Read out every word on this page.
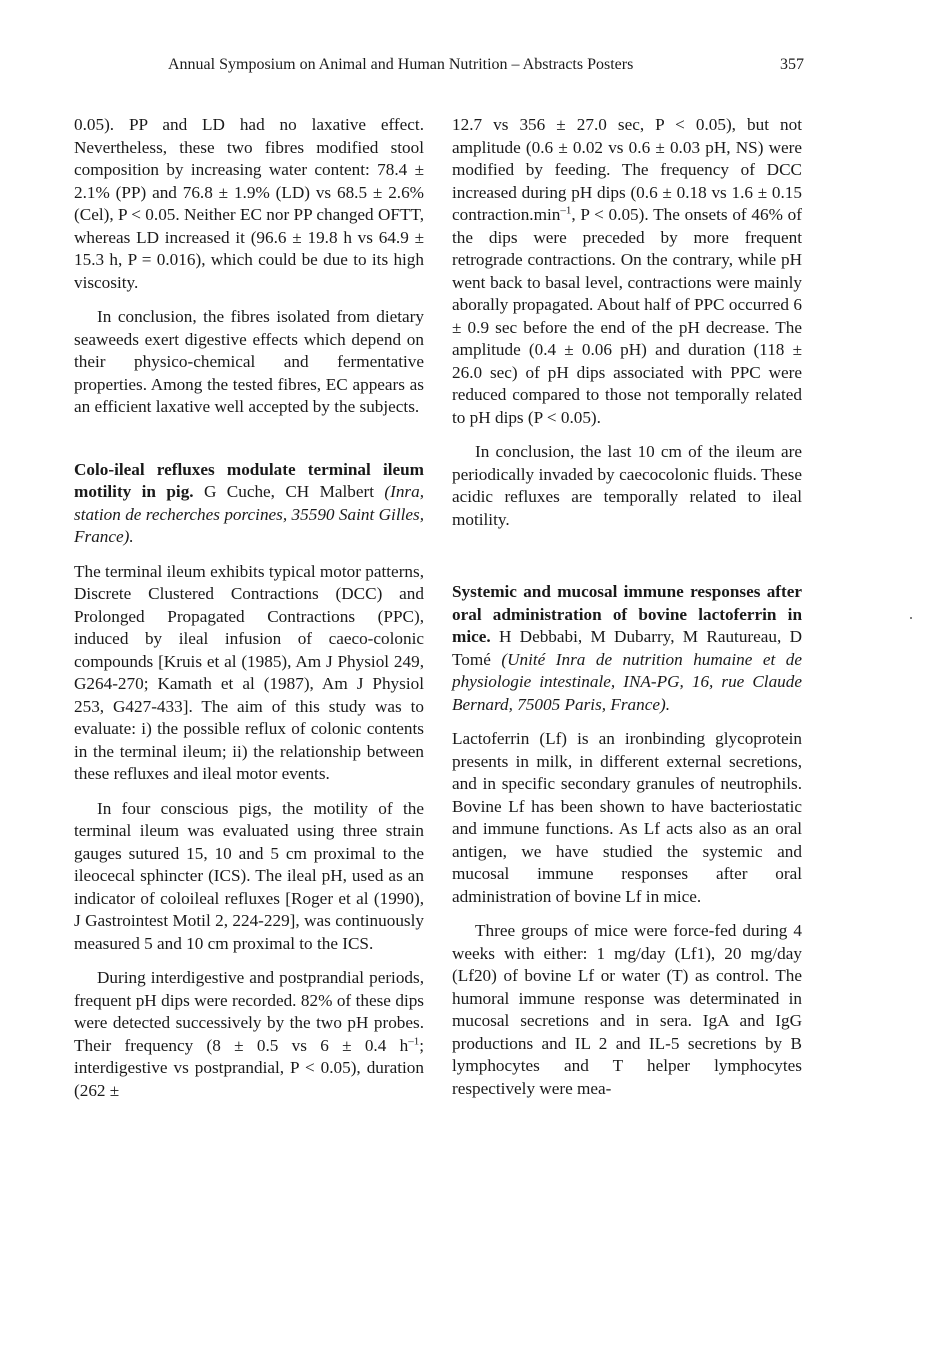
Annual Symposium on Animal and Human Nutrition – Abstracts Posters	357

0.05). PP and LD had no laxative effect. Nevertheless, these two fibres modified stool composition by increasing water content: 78.4 ± 2.1% (PP) and 76.8 ± 1.9% (LD) vs 68.5 ± 2.6% (Cel), P < 0.05. Neither EC nor PP changed OFTT, whereas LD increased it (96.6 ± 19.8 h vs 64.9 ± 15.3 h, P = 0.016), which could be due to its high viscosity.

In conclusion, the fibres isolated from dietary seaweeds exert digestive effects which depend on their physico-chemical and fermentative properties. Among the tested fibres, EC appears as an efficient laxative well accepted by the subjects.

Colo-ileal refluxes modulate terminal ileum motility in pig. G Cuche, CH Malbert (Inra, station de recherches porcines, 35590 Saint Gilles, France).

The terminal ileum exhibits typical motor patterns, Discrete Clustered Contractions (DCC) and Prolonged Propagated Contractions (PPC), induced by ileal infusion of caeco-colonic compounds [Kruis et al (1985), Am J Physiol 249, G264-270; Kamath et al (1987), Am J Physiol 253, G427-433]. The aim of this study was to evaluate: i) the possible reflux of colonic contents in the terminal ileum; ii) the relationship between these refluxes and ileal motor events.

In four conscious pigs, the motility of the terminal ileum was evaluated using three strain gauges sutured 15, 10 and 5 cm proximal to the ileocecal sphincter (ICS). The ileal pH, used as an indicator of coloileal refluxes [Roger et al (1990), J Gastrointest Motil 2, 224-229], was continuously measured 5 and 10 cm proximal to the ICS.

During interdigestive and postprandial periods, frequent pH dips were recorded. 82% of these dips were detected successively by the two pH probes. Their frequency (8 ± 0.5 vs 6 ± 0.4 $h^{-1}$; interdigestive vs postprandial, P < 0.05), duration (262 ±

12.7 vs 356 ± 27.0 sec, P < 0.05), but not amplitude (0.6 ± 0.02 vs 0.6 ± 0.03 pH, NS) were modified by feeding. The frequency of DCC increased during pH dips (0.6 ± 0.18 vs 1.6 ± 0.15 $contraction.\min^{-1}$, P < 0.05). The onsets of 46% of the dips were preceded by more frequent retrograde contractions. On the contrary, while pH went back to basal level, contractions were mainly aborally propagated. About half of PPC occurred 6 ± 0.9 sec before the end of the pH decrease. The amplitude (0.4 ± 0.06 pH) and duration (118 ± 26.0 sec) of pH dips associated with PPC were reduced compared to those not temporally related to pH dips (P < 0.05).

In conclusion, the last 10 cm of the ileum are periodically invaded by caecocolonic fluids. These acidic refluxes are temporally related to ileal motility.

Systemic and mucosal immune responses after oral administration of bovine lactoferrin in mice. H Debbabi, M Dubarry, M Rautureau, D Tomé (Unité Inra de nutrition humaine et de physiologie intestinale, INA-PG, 16, rue Claude Bernard, 75005 Paris, France).

Lactoferrin (Lf) is an ironbinding glycoprotein presents in milk, in different external secretions, and in specific secondary granules of neutrophils. Bovine Lf has been shown to have bacteriostatic and immune functions. As Lf acts also as an oral antigen, we have studied the systemic and mucosal immune responses after oral administration of bovine Lf in mice.

Three groups of mice were force-fed during 4 weeks with either: 1 mg/day (Lf1), 20 mg/day (Lf20) of bovine Lf or water (T) as control. The humoral immune response was determinated in mucosal secretions and in sera. IgA and IgG productions and IL 2 and IL-5 secretions by B lymphocytes and T helper lymphocytes respectively were mea-
